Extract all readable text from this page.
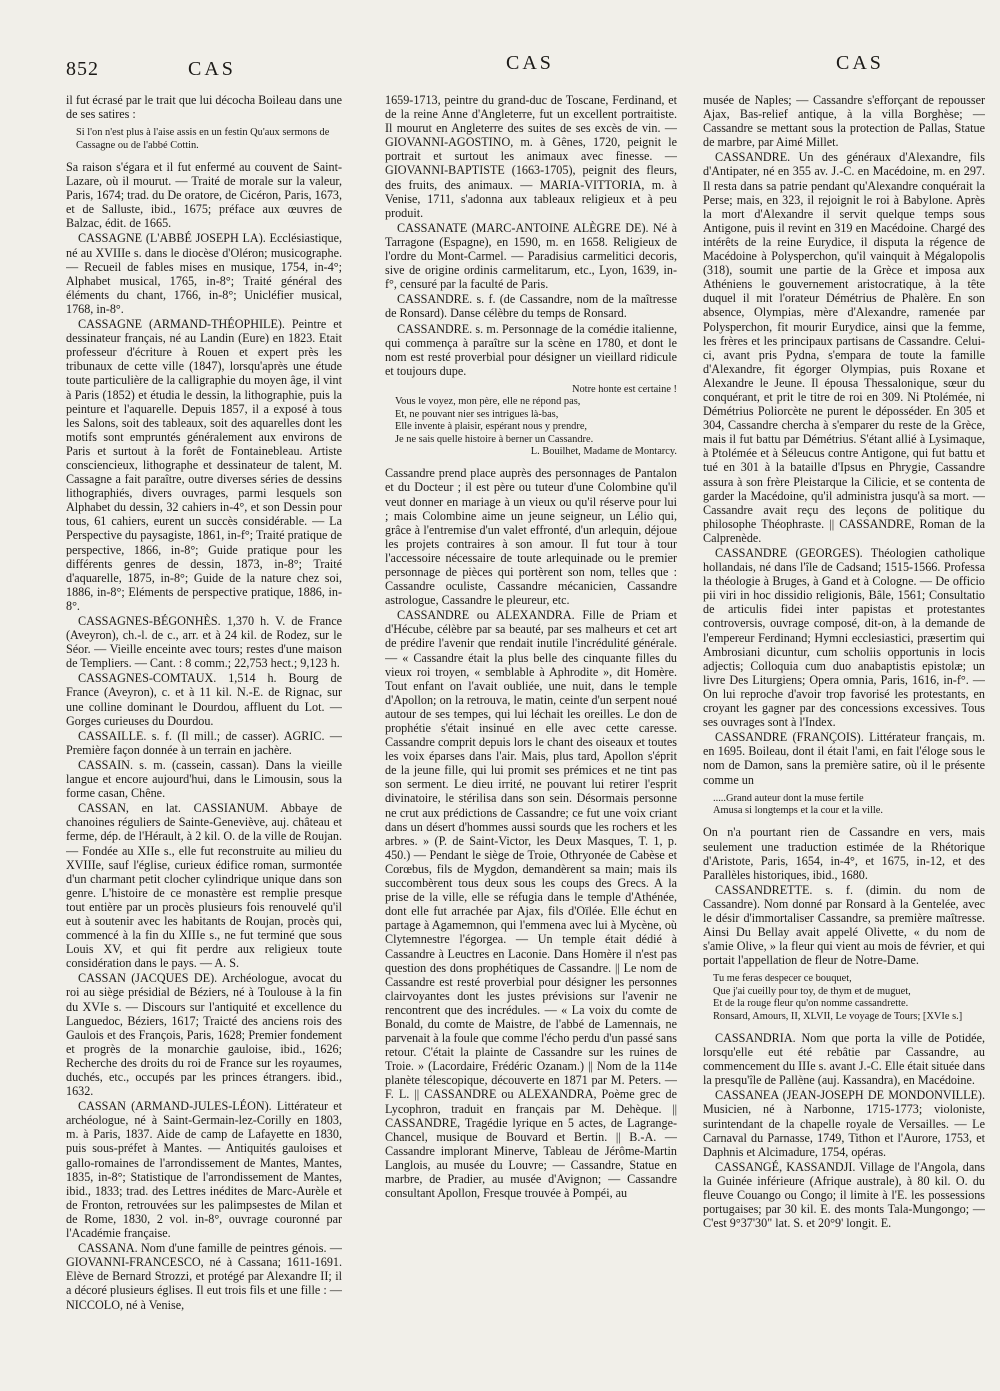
852	CAS	CAS	CAS

il fut écrasé par le trait que lui décocha Boileau dans une de ses satires :

Si l'on n'est plus à l'aise assis en un festin Qu'aux sermons de Cassagne ou de l'abbé Cottin.

Sa raison s'égara et il fut enfermé au couvent de Saint-Lazare, où il mourut. — Traité de morale sur la valeur, Paris, 1674; trad. du De oratore, de Cicéron, Paris, 1673, et de Salluste, ibid., 1675; préface aux œuvres de Balzac, édit. de 1665.

CASSAGNE (L'ABBÉ JOSEPH LA). Ecclésiastique, né au XVIIIe s. dans le diocèse d'Oléron; musicographe. — Recueil de fables mises en musique, 1754, in-4°; Alphabet musical, 1765, in-8°; Traité général des éléments du chant, 1766, in-8°; Unicléfier musical, 1768, in-8°.

CASSAGNE (ARMAND-THÉOPHILE). Peintre et dessinateur français, né au Landin (Eure) en 1823. Etait professeur d'écriture à Rouen et expert près les tribunaux de cette ville (1847), lorsqu'après une étude toute particulière de la calligraphie du moyen âge, il vint à Paris (1852) et étudia le dessin, la lithographie, puis la peinture et l'aquarelle. Depuis 1857, il a exposé à tous les Salons, soit des tableaux, soit des aquarelles dont les motifs sont empruntés généralement aux environs de Paris et surtout à la forêt de Fontainebleau. Artiste consciencieux, lithographe et dessinateur de talent, M. Cassagne a fait paraître, outre diverses séries de dessins lithographiés, divers ouvrages, parmi lesquels son Alphabet du dessin, 32 cahiers in-4°, et son Dessin pour tous, 61 cahiers, eurent un succès considérable. — La Perspective du paysagiste, 1861, in-f°; Traité pratique de perspective, 1866, in-8°; Guide pratique pour les différents genres de dessin, 1873, in-8°; Traité d'aquarelle, 1875, in-8°; Guide de la nature chez soi, 1886, in-8°; Eléments de perspective pratique, 1886, in-8°.

CASSAGNES-BÉGONHÈS. 1,370 h. V. de France (Aveyron), ch.-l. de c., arr. et à 24 kil. de Rodez, sur le Séor. — Vieille enceinte avec tours; restes d'une maison de Templiers. — Cant. : 8 comm.; 22,753 hect.; 9,123 h.

CASSAGNES-COMTAUX. 1,514 h. Bourg de France (Aveyron), c. et à 11 kil. N.-E. de Rignac, sur une colline dominant le Dourdou, affluent du Lot. — Gorges curieuses du Dourdou.

CASSAILLE. s. f. (Il mill.; de casser). AGRIC. — Première façon donnée à un terrain en jachère.

CASSAIN. s. m. (cassein, cassan). Dans la vieille langue et encore aujourd'hui, dans le Limousin, sous la forme casan, Chêne.

CASSAN, en lat. CASSIANUM. Abbaye de chanoines réguliers de Sainte-Geneviève, auj. château et ferme, dép. de l'Hérault, à 2 kil. O. de la ville de Roujan. — Fondée au XIIe s., elle fut reconstruite au milieu du XVIIIe, sauf l'église, curieux édifice roman, surmontée d'un charmant petit clocher cylindrique unique dans son genre. L'histoire de ce monastère est remplie presque tout entière par un procès plusieurs fois renouvelé qu'il eut à soutenir avec les habitants de Roujan, procès qui, commencé à la fin du XIIIe s., ne fut terminé que sous Louis XV, et qui fit perdre aux religieux toute considération dans le pays. — A. S.

CASSAN (JACQUES DE). Archéologue, avocat du roi au siège présidial de Béziers, né à Toulouse à la fin du XVIe s. — Discours sur l'antiquité et excellence du Languedoc, Béziers, 1617; Traicté des anciens rois des Gaulois et des François, Paris, 1628; Premier fondement et progrès de la monarchie gauloise, ibid., 1626; Recherche des droits du roi de France sur les royaumes, duchés, etc., occupés par les princes étrangers. ibid., 1632.

CASSAN (ARMAND-JULES-LÉON). Littérateur et archéologue, né à Saint-Germain-lez-Corilly en 1803, m. à Paris, 1837. Aide de camp de Lafayette en 1830, puis sous-préfet à Mantes. — Antiquités gauloises et gallo-romaines de l'arrondissement de Mantes, Mantes, 1835, in-8°; Statistique de l'arrondissement de Mantes, ibid., 1833; trad. des Lettres inédites de Marc-Aurèle et de Fronton, retrouvées sur les palimpsestes de Milan et de Rome, 1830, 2 vol. in-8°, ouvrage couronné par l'Académie française.

CASSANA. Nom d'une famille de peintres génois. — GIOVANNI-FRANCESCO, né à Cassana; 1611-1691. Elève de Bernard Strozzi, et protégé par Alexandre II; il a décoré plusieurs églises. Il eut trois fils et une fille : — NICCOLO, né à Venise,

1659-1713, peintre du grand-duc de Toscane, Ferdinand, et de la reine Anne d'Angleterre, fut un excellent portraitiste. Il mourut en Angleterre des suites de ses excès de vin. — GIOVANNI-AGOSTINO, m. à Gênes, 1720, peignit le portrait et surtout les animaux avec finesse. — GIOVANNI-BAPTISTE (1663-1705), peignit des fleurs, des fruits, des animaux. — MARIA-VITTORIA, m. à Venise, 1711, s'adonna aux tableaux religieux et à peu produit.

CASSANATE (MARC-ANTOINE ALÈGRE DE). Né à Tarragone (Espagne), en 1590, m. en 1658. Religieux de l'ordre du Mont-Carmel. — Paradisius carmelitici decoris, sive de origine ordinis carmelitarum, etc., Lyon, 1639, in-f°, censuré par la faculté de Paris.

CASSANDRE. s. f. (de Cassandre, nom de la maîtresse de Ronsard). Danse célèbre du temps de Ronsard.

CASSANDRE. s. m. Personnage de la comédie italienne, qui commença à paraître sur la scène en 1780, et dont le nom est resté proverbial pour désigner un vieillard ridicule et toujours dupe.

Notre honte est certaine !
Vous le voyez, mon père, elle ne répond pas,
Et, ne pouvant nier ses intrigues là-bas,
Elle invente à plaisir, espérant nous y prendre,
Je ne sais quelle histoire à berner un Cassandre.
L. Bouilhet, Madame de Montarcy.

Cassandre prend place auprès des personnages de Pantalon et du Docteur ; il est père ou tuteur d'une Colombine qu'il veut donner en mariage à un vieux ou qu'il réserve pour lui ; mais Colombine aime un jeune seigneur, un Lélio qui, grâce à l'entremise d'un valet effronté, d'un arlequin, déjoue les projets contraires à son amour. Il fut tour à tour l'accessoire nécessaire de toute arlequinade ou le premier personnage de pièces qui portèrent son nom, telles que : Cassandre oculiste, Cassandre mécanicien, Cassandre astrologue, Cassandre le pleureur, etc.

CASSANDRE ou ALEXANDRA. Fille de Priam et d'Hécube, célèbre par sa beauté, par ses malheurs et cet art de prédire l'avenir que rendait inutile l'incrédulité générale. — « Cassandre était la plus belle des cinquante filles du vieux roi troyen, « semblable à Aphrodite », dit Homère. Tout enfant on l'avait oubliée, une nuit, dans le temple d'Apollon; on la retrouva, le matin, ceinte d'un serpent noué autour de ses tempes, qui lui léchait les oreilles. Le don de prophétie s'était insinué en elle avec cette caresse. Cassandre comprit depuis lors le chant des oiseaux et toutes les voix éparses dans l'air. Mais, plus tard, Apollon s'éprit de la jeune fille, qui lui promit ses prémices et ne tint pas son serment. Le dieu irrité, ne pouvant lui retirer l'esprit divinatoire, le stérilisa dans son sein. Désormais personne ne crut aux prédictions de Cassandre; ce fut une voix criant dans un désert d'hommes aussi sourds que les rochers et les arbres. » (P. de Saint-Victor, les Deux Masques, T. 1, p. 450.) — Pendant le siège de Troie, Othryonée de Cabèse et Corœbus, fils de Mygdon, demandèrent sa main; mais ils succombèrent tous deux sous les coups des Grecs. A la prise de la ville, elle se réfugia dans le temple d'Athénée, dont elle fut arrachée par Ajax, fils d'Oïlée. Elle échut en partage à Agamemnon, qui l'emmena avec lui à Mycène, où Clytemnestre l'égorgea. — Un temple était dédié à Cassandre à Leuctres en Laconie. Dans Homère il n'est pas question des dons prophétiques de Cassandre. || Le nom de Cassandre est resté proverbial pour désigner les personnes clairvoyantes dont les justes prévisions sur l'avenir ne rencontrent que des incrédules. — « La voix du comte de Bonald, du comte de Maistre, de l'abbé de Lamennais, ne parvenait à la foule que comme l'écho perdu d'un passé sans retour. C'était la plainte de Cassandre sur les ruines de Troie. » (Lacordaire, Frédéric Ozanam.) || Nom de la 114e planète télescopique, découverte en 1871 par M. Peters. — F. L. || CASSANDRE ou ALEXANDRA, Poème grec de Lycophron, traduit en français par M. Dehèque. || CASSANDRE, Tragédie lyrique en 5 actes, de Lagrange-Chancel, musique de Bouvard et Bertin. || B.-A. — Cassandre implorant Minerve, Tableau de Jérôme-Martin Langlois, au musée du Louvre; — Cassandre, Statue en marbre, de Pradier, au musée d'Avignon; — Cassandre consultant Apollon, Fresque trouvée à Pompéi, au

musée de Naples; — Cassandre s'efforçant de repousser Ajax, Bas-relief antique, à la villa Borghèse; — Cassandre se mettant sous la protection de Pallas, Statue de marbre, par Aimé Millet.

CASSANDRE. Un des généraux d'Alexandre, fils d'Antipater, né en 355 av. J.-C. en Macédoine, m. en 297. Il resta dans sa patrie pendant qu'Alexandre conquérait la Perse; mais, en 323, il rejoignit le roi à Babylone. Après la mort d'Alexandre il servit quelque temps sous Antigone, puis il revint en 319 en Macédoine. Chargé des intérêts de la reine Eurydice, il disputa la régence de Macédoine à Polysperchon, qu'il vainquit à Mégalopolis (318), soumit une partie de la Grèce et imposa aux Athéniens le gouvernement aristocratique, à la tête duquel il mit l'orateur Démétrius de Phalère. En son absence, Olympias, mère d'Alexandre, ramenée par Polysperchon, fit mourir Eurydice, ainsi que la femme, les frères et les principaux partisans de Cassandre. Celui-ci, avant pris Pydna, s'empara de toute la famille d'Alexandre, fit égorger Olympias, puis Roxane et Alexandre le Jeune. Il épousa Thessalonique, sœur du conquérant, et prit le titre de roi en 309. Ni Ptolémée, ni Démétrius Poliorcète ne purent le déposséder. En 305 et 304, Cassandre chercha à s'emparer du reste de la Grèce, mais il fut battu par Démétrius. S'étant allié à Lysimaque, à Ptolémée et à Séleucus contre Antigone, qui fut battu et tué en 301 à la bataille d'Ipsus en Phrygie, Cassandre assura à son frère Pleistarque la Cilicie, et se contenta de garder la Macédoine, qu'il administra jusqu'à sa mort. — Cassandre avait reçu des leçons de politique du philosophe Théophraste. || CASSANDRE, Roman de la Calprenède.

CASSANDRE (GEORGES). Théologien catholique hollandais, né dans l'île de Cadsand; 1515-1566. Professa la théologie à Bruges, à Gand et à Cologne. — De officio pii viri in hoc dissidio religionis, Bâle, 1561; Consultatio de articulis fidei inter papistas et protestantes controversis, ouvrage composé, dit-on, à la demande de l'empereur Ferdinand; Hymni ecclesiastici, præsertim qui Ambrosiani dicuntur, cum scholiis opportunis in locis adjectis; Colloquia cum duo anabaptistis epistolæ; un livre Des Liturgiens; Opera omnia, Paris, 1616, in-f°. — On lui reproche d'avoir trop favorisé les protestants, en croyant les gagner par des concessions excessives. Tous ses ouvrages sont à l'Index.

CASSANDRE (FRANÇOIS). Littérateur français, m. en 1695. Boileau, dont il était l'ami, en fait l'éloge sous le nom de Damon, sans la première satire, où il le présente comme un

.....Grand auteur dont la muse fertile
Amusa si longtemps et la cour et la ville.

On n'a pourtant rien de Cassandre en vers, mais seulement une traduction estimée de la Rhétorique d'Aristote, Paris, 1654, in-4°, et 1675, in-12, et des Parallèles historiques, ibid., 1680.

CASSANDRETTE. s. f. (dimin. du nom de Cassandre). Nom donné par Ronsard à la Gentelée, avec le désir d'immortaliser Cassandre, sa première maîtresse. Ainsi Du Bellay avait appelé Olivette, « du nom de s'amie Olive, » la fleur qui vient au mois de février, et qui portait l'appellation de fleur de Notre-Dame.

Tu me feras despecer ce bouquet,
Que j'ai cueilly pour toy, de thym et de muguet,
Et de la rouge fleur qu'on nomme cassandrette.
Ronsard, Amours, II, XLVII, Le voyage de Tours; [XVIe s.]

CASSANDRIA. Nom que porta la ville de Potidée, lorsqu'elle eut été rebâtie par Cassandre, au commencement du IIIe s. avant J.-C. Elle était située dans la presqu'île de Pallène (auj. Kassandra), en Macédoine.

CASSANEA (JEAN-JOSEPH DE MONDONVILLE). Musicien, né à Narbonne, 1715-1773; violoniste, surintendant de la chapelle royale de Versailles. — Le Carnaval du Parnasse, 1749, Tithon et l'Aurore, 1753, et Daphnis et Alcimadure, 1754, opéras.

CASSANGÉ, KASSANDJI. Village de l'Angola, dans la Guinée inférieure (Afrique australe), à 80 kil. O. du fleuve Couango ou Congo; il limite à l'E. les possessions portugaises; par 30 kil. E. des monts Tala-Mungongo; — C'est 9°37'30" lat. S. et 20°9' longit. E.
